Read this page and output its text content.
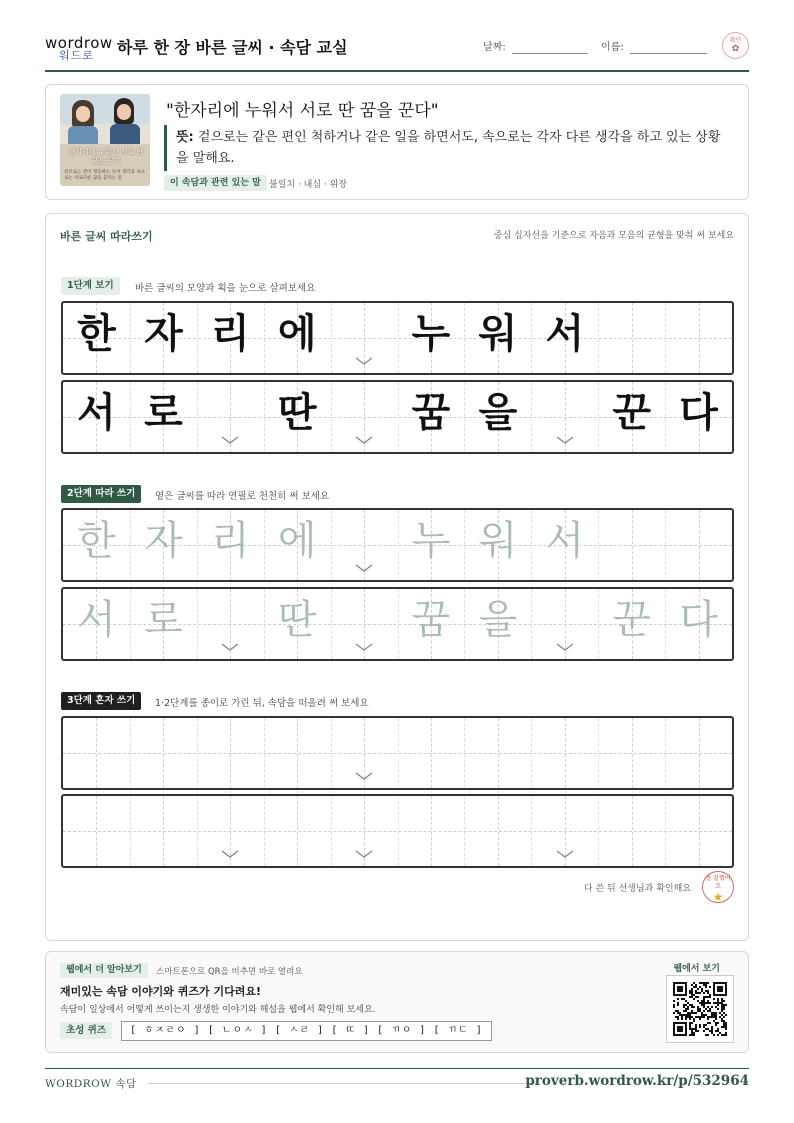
wordrow
워드로 하루 한 장 바른 글씨 · 속담 교실	날짜:	이름:
확인
✿
한자리에 누워서 서로 딴 꿈을 꾼다
겉모로는 같이 행동하는 듯이 생각과 속으로는 서로다른 꿈을 꾼다는 말
"한자리에 누워서 서로 딴 꿈을 꾼다"
뜻: 겉으로는 같은 편인 척하거나 같은 일을 하면서도, 속으로는 각자 다른 생각을 하고 있는 상황을 말해요.
이 속담과 관련 있는 말 불일치 · 내심 · 위장
바른 글씨 따라쓰기	중심 십자선을 기준으로 자음과 모음의 균형을 맞춰 써 보세요
1단계 보기	바른 글씨의 모양과 획을 눈으로 살펴보세요
한 자 리 에	누 워 서
서 로	딴	꿈 을	꾼 다
2단계 따라 쓰기	옅은 글씨를 따라 연필로 천천히 써 보세요
한 자 리 에	누 워 서
서 로	딴	꿈 을	꾼 다
3단계 혼자 쓰기	1·2단계를 종이로 가린 뒤, 속담을 떠올려 써 보세요
다 쓴 뒤 선생님과 확인해요
참 잘했어요
★
웹에서 더 알아보기	스마트폰으로 QR을 비추면 바로 열려요
재미있는 속담 이야기와 퀴즈가 기다려요!
속담이 일상에서 어떻게 쓰이는지 생생한 이야기와 해설을 웹에서 확인해 보세요.
초성 퀴즈	[ ㅎㅈㄹㅇ ] [ ㄴㅇㅅ ] [ ㅅㄹ ] [ ㄸ ] [ ㄲㅇ ] [ ㄲㄷ ]
웹에서 보기
WORDROW 속담	proverb.wordrow.kr/p/532964
